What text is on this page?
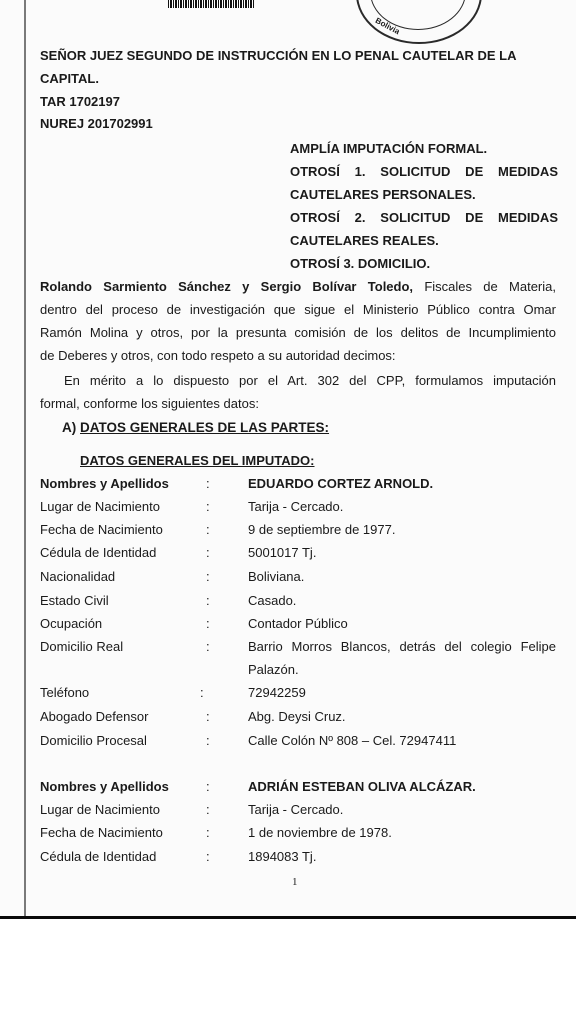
Bolivia
SEÑOR JUEZ SEGUNDO DE INSTRUCCIÓN EN LO PENAL CAUTELAR DE LA
CAPITAL.
TAR 1702197
NUREJ 201702991
AMPLÍA IMPUTACIÓN FORMAL.
OTROSÍ 1. SOLICITUD DE MEDIDAS
CAUTELARES PERSONALES.
OTROSÍ 2. SOLICITUD DE MEDIDAS
CAUTELARES REALES.
OTROSÍ 3. DOMICILIO.
Rolando Sarmiento Sánchez y Sergio Bolívar Toledo, Fiscales de Materia,
dentro del proceso de investigación que sigue el Ministerio Público contra Omar
Ramón Molina y otros, por la presunta comisión de los delitos de Incumplimiento
de Deberes y otros, con todo respeto a su autoridad decimos:
En mérito a lo dispuesto por el Art. 302 del CPP, formulamos imputación
formal, conforme los siguientes datos:
A) DATOS GENERALES DE LAS PARTES:
DATOS GENERALES DEL IMPUTADO:
Nombres y Apellidos	:	EDUARDO CORTEZ ARNOLD.
Lugar de Nacimiento	:	Tarija - Cercado.
Fecha de Nacimiento	:	9 de septiembre de 1977.
Cédula de Identidad	:	5001017 Tj.
Nacionalidad	:	Boliviana.
Estado Civil	:	Casado.
Ocupación	:	Contador Público
Domicilio Real	:	Barrio Morros Blancos, detrás del colegio Felipe
Palazón.
Teléfono	:	72942259
Abogado Defensor	:	Abg. Deysi Cruz.
Domicilio Procesal	:	Calle Colón Nº 808 – Cel. 72947411
Nombres y Apellidos	:	ADRIÁN ESTEBAN OLIVA ALCÁZAR.
Lugar de Nacimiento	:	Tarija - Cercado.
Fecha de Nacimiento	:	1 de noviembre de 1978.
Cédula de Identidad	:	1894083 Tj.
1
